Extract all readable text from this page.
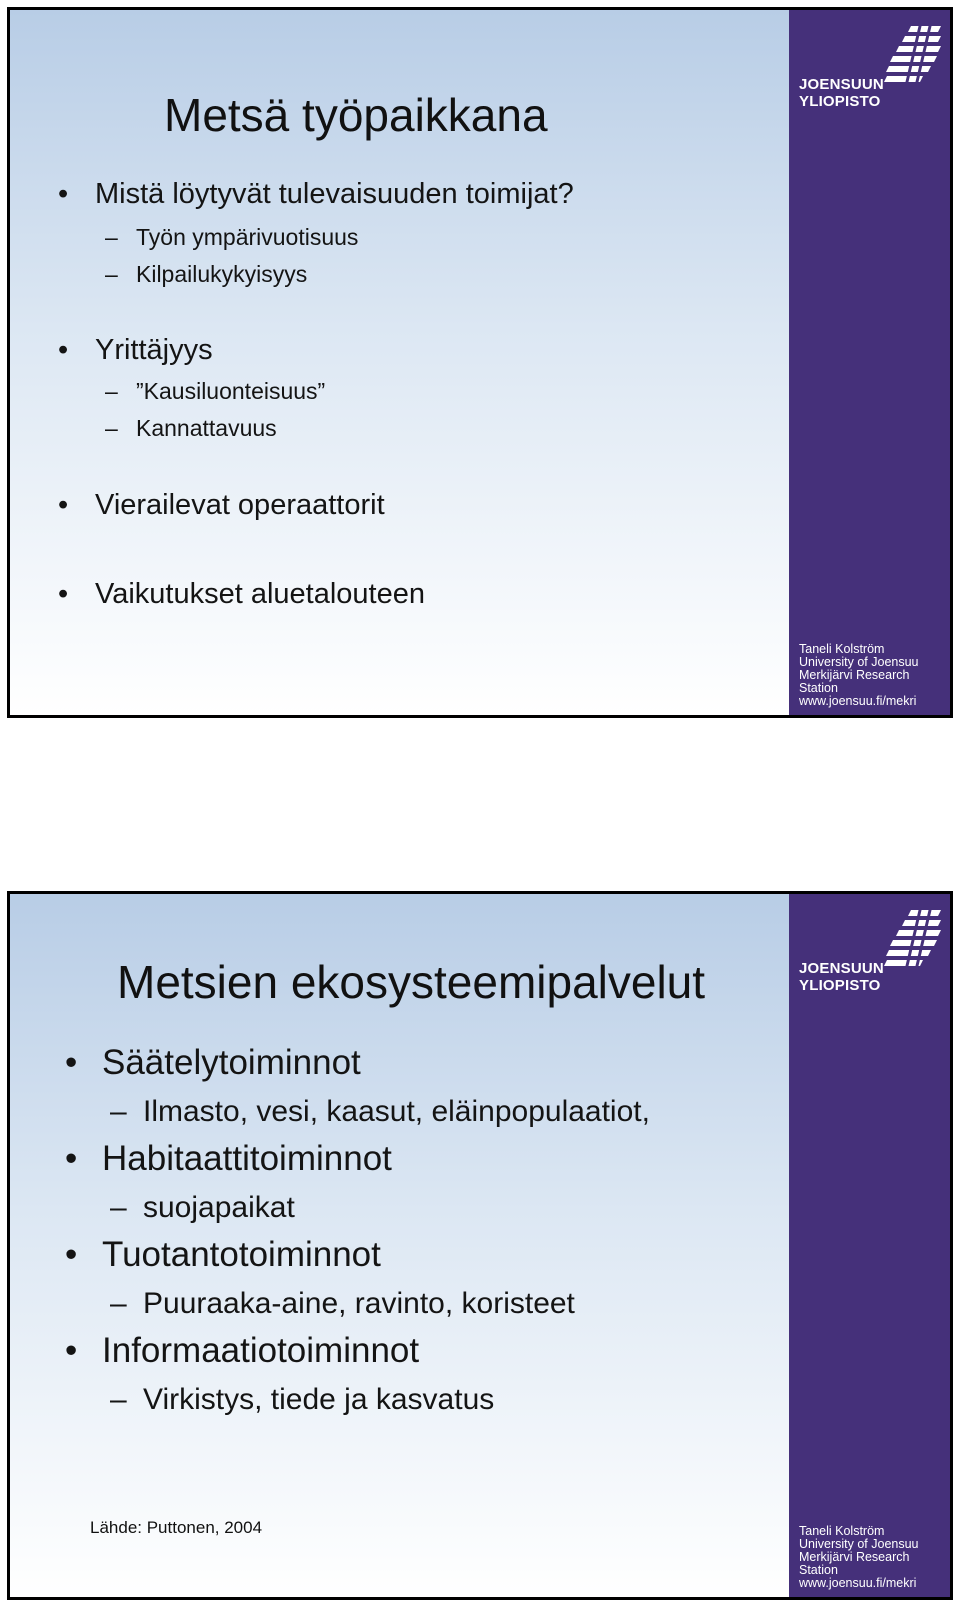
JOENSUUN
YLIOPISTO
Taneli Kolström
University of Joensuu
Merkijärvi Research
Station
www.joensuu.fi/mekri
Metsä työpaikkana
• Mistä löytyvät tulevaisuuden toimijat?
– Työn ympärivuotisuus
– Kilpailukykyisyys
• Yrittäjyys
– ”Kausiluonteisuus”
– Kannattavuus
• Vierailevat operaattorit
• Vaikutukset aluetalouteen
JOENSUUN
YLIOPISTO
Taneli Kolström
University of Joensuu
Merkijärvi Research
Station
www.joensuu.fi/mekri
Metsien ekosysteemipalvelut
• Säätelytoiminnot
– Ilmasto, vesi, kaasut, eläinpopulaatiot,
• Habitaattitoiminnot
– suojapaikat
• Tuotantotoiminnot
– Puuraaka-aine, ravinto, koristeet
• Informaatiotoiminnot
– Virkistys, tiede ja kasvatus
Lähde: Puttonen, 2004
